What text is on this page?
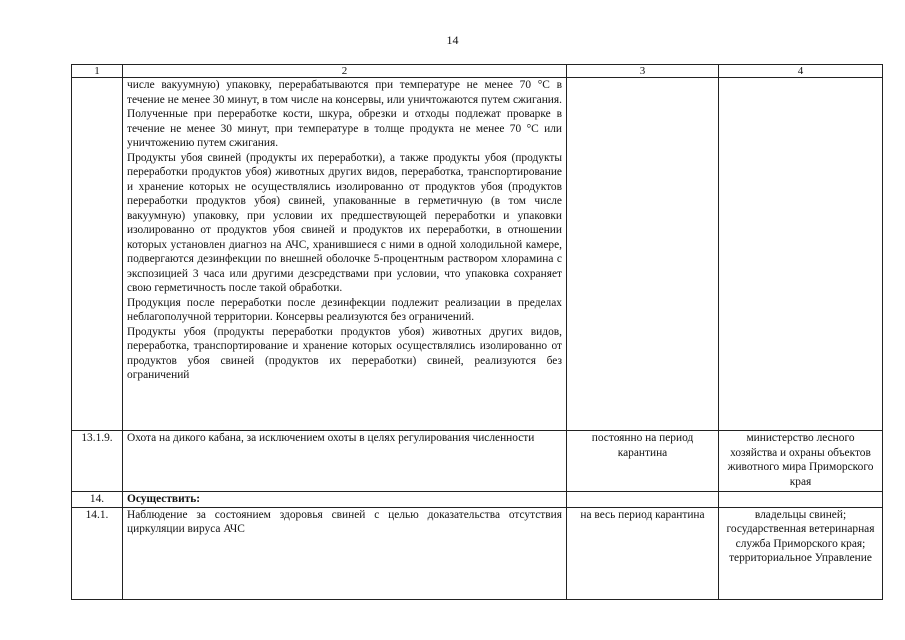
14
1	2	3	4

	числе вакуумную) упаковку, перерабатываются при температуре не менее 70 °С в течение не менее 30 минут, в том числе на консервы, или уничтожаются путем сжигания. Полученные при переработке кости, шкура, обрезки и отходы подлежат проварке в течение не менее 30 минут, при температуре в толще продукта не менее 70 °С или уничтожению путем сжигания.

Продукты убоя свиней (продукты их переработки), а также продукты убоя (продукты переработки продуктов убоя) животных других видов, переработка, транспортирование и хранение которых не осуществлялись изолированно от продуктов убоя (продуктов переработки продуктов убоя) свиней, упакованные в герметичную (в том числе вакуумную) упаковку, при условии их предшествующей переработки и упаковки изолированно от продуктов убоя свиней и продуктов их переработки, в отношении которых установлен диагноз на АЧС, хранившиеся с ними в одной холодильной камере, подвергаются дезинфекции по внешней оболочке 5-процентным раствором хлорамина с экспозицией 3 часа или другими дезсредствами при условии, что упаковка сохраняет свою герметичность после такой обработки.

Продукция после переработки после дезинфекции подлежит реализации в пределах неблагополучной территории. Консервы реализуются без ограничений.

Продукты убоя (продукты переработки продуктов убоя) животных других видов, переработка, транспортирование и хранение которых осуществлялись изолированно от продуктов убоя свиней (продуктов их переработки) свиней, реализуются без ограничений		

13.1.9.	Охота на дикого кабана, за исключением охоты в целях регулирования численности	постоянно на период карантина	министерство лесного хозяйства и охраны объектов животного мира Приморского края
14.	Осуществить:		
14.1.	Наблюдение за состоянием здоровья свиней с целью доказательства отсутствия циркуляции вируса АЧС	на весь период карантина	владельцы свиней; государственная ветеринарная служба Приморского края; территориальное Управление
